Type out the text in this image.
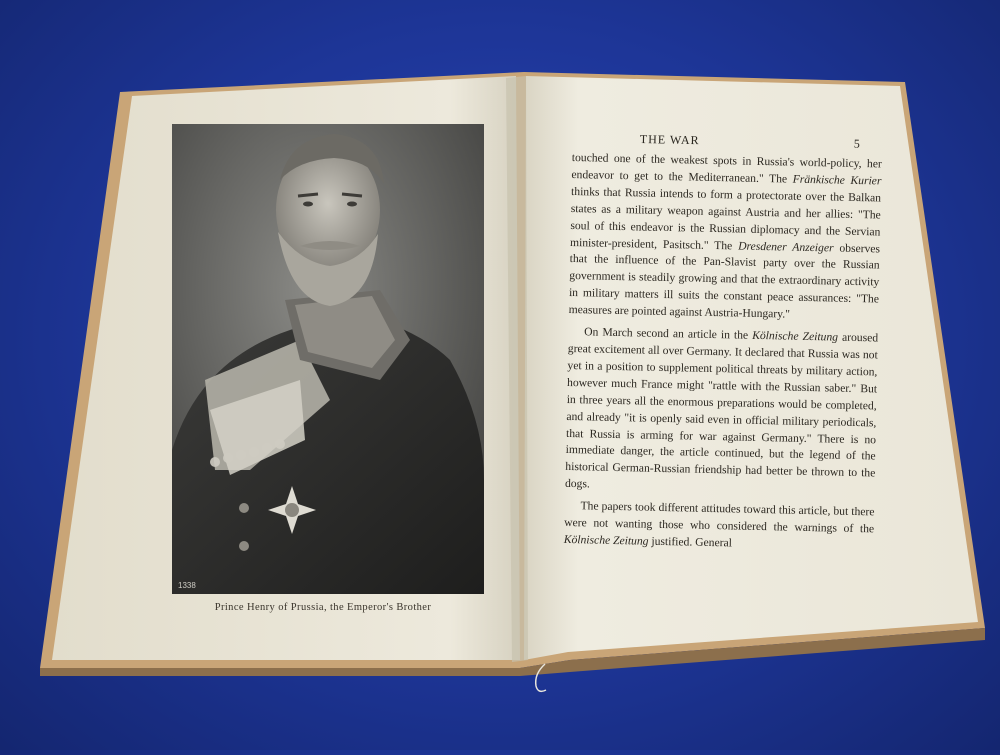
1338
Prince Henry of Prussia, the Emperor's Brother
THE WAR	5

touched one of the weakest spots in Russia's world-policy, her endeavor to get to the Mediterranean." The Fränkische Kurier thinks that Russia intends to form a protectorate over the Balkan states as a military weapon against Austria and her allies: "The soul of this endeavor is the Russian diplomacy and the Servian minister-president, Pasitsch." The Dresdener Anzeiger observes that the influence of the Pan-Slavist party over the Russian government is steadily growing and that the extraordinary activity in military matters ill suits the constant peace assurances: "The measures are pointed against Austria-Hungary."

On March second an article in the Kölnische Zeitung aroused great excitement all over Germany. It declared that Russia was not yet in a position to supplement political threats by military action, however much France might "rattle with the Russian saber." But in three years all the enormous preparations would be completed, and already "it is openly said even in official military periodicals, that Russia is arming for war against Germany." There is no immediate danger, the article continued, but the legend of the historical German-Russian friendship had better be thrown to the dogs.

The papers took different attitudes toward this article, but there were not wanting those who considered the warnings of the Kölnische Zeitung justified. General
